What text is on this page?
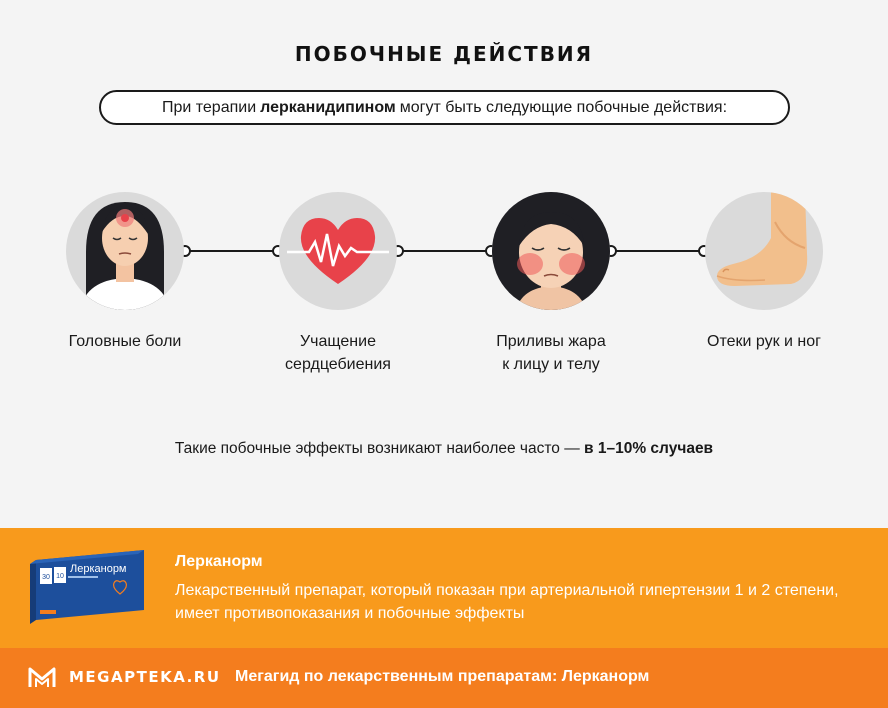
ПОБОЧНЫЕ ДЕЙСТВИЯ
При терапии лерканидипином могут быть следующие побочные действия:
Головные боли	Учащение
сердцебиения
Приливы жара
к лицу и телу
Отеки рук и ног
Такие побочные эффекты возникают наиболее часто — в 1–10% случаев
30 10
Лерканорм	Лерканорм
Лекарственный препарат, который показан при артериальной гипертензии 1 и 2 степени, имеет противопоказания и побочные эффекты
MEGAPTEKA.RU Мегагид по лекарственным препаратам: Лерканорм
